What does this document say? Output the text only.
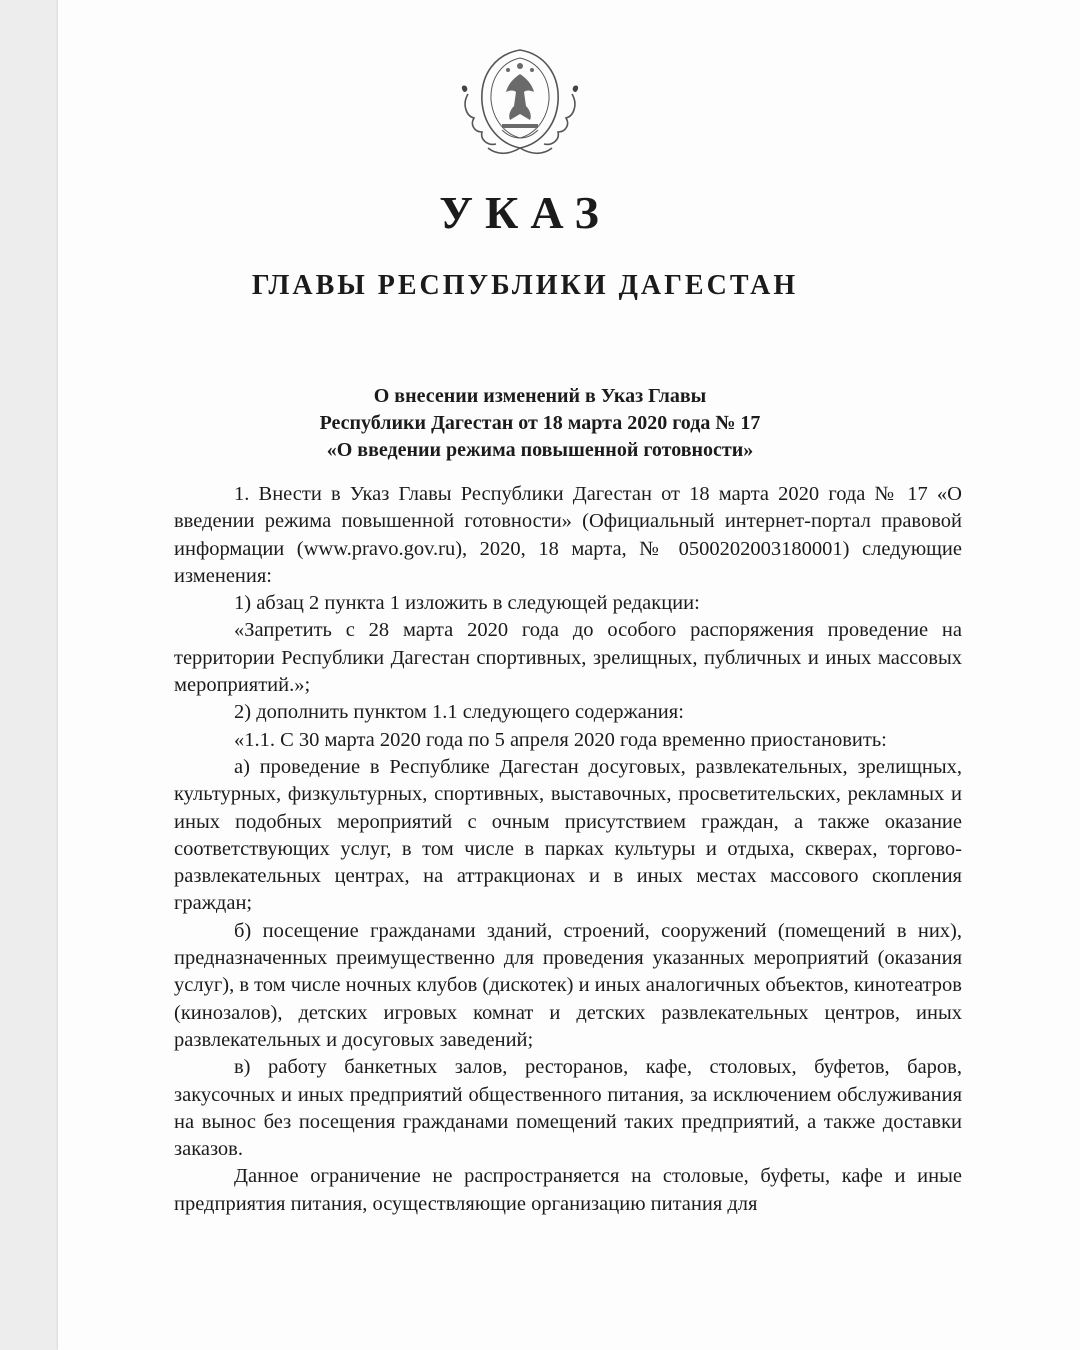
УКАЗ
ГЛАВЫ РЕСПУБЛИКИ ДАГЕСТАН
О внесении изменений в Указ Главы
Республики Дагестан от 18 марта 2020 года № 17
«О введении режима повышенной готовности»

1. Внести в Указ Главы Республики Дагестан от 18 марта 2020 года № 17 «О введении режима повышенной готовности» (Официальный интернет-портал правовой информации (www.pravo.gov.ru), 2020, 18 марта, № 0500202003180001) следующие изменения:

1) абзац 2 пункта 1 изложить в следующей редакции:

«Запретить с 28 марта 2020 года до особого распоряжения проведение на территории Республики Дагестан спортивных, зрелищных, публичных и иных массовых мероприятий.»;

2) дополнить пунктом 1.1 следующего содержания:

«1.1. С 30 марта 2020 года по 5 апреля 2020 года временно приостановить:

а) проведение в Республике Дагестан досуговых, развлекательных, зрелищных, культурных, физкультурных, спортивных, выставочных, просветительских, рекламных и иных подобных мероприятий с очным присутствием граждан, а также оказание соответствующих услуг, в том числе в парках культуры и отдыха, скверах, торгово-развлекательных центрах, на аттракционах и в иных местах массового скопления граждан;

б) посещение гражданами зданий, строений, сооружений (помещений в них), предназначенных преимущественно для проведения указанных мероприятий (оказания услуг), в том числе ночных клубов (дискотек) и иных аналогичных объектов, кинотеатров (кинозалов), детских игровых комнат и детских развлекательных центров, иных развлекательных и досуговых заведений;

в) работу банкетных залов, ресторанов, кафе, столовых, буфетов, баров, закусочных и иных предприятий общественного питания, за исключением обслуживания на вынос без посещения гражданами помещений таких предприятий, а также доставки заказов.

Данное ограничение не распространяется на столовые, буфеты, кафе и иные предприятия питания, осуществляющие организацию питания для
